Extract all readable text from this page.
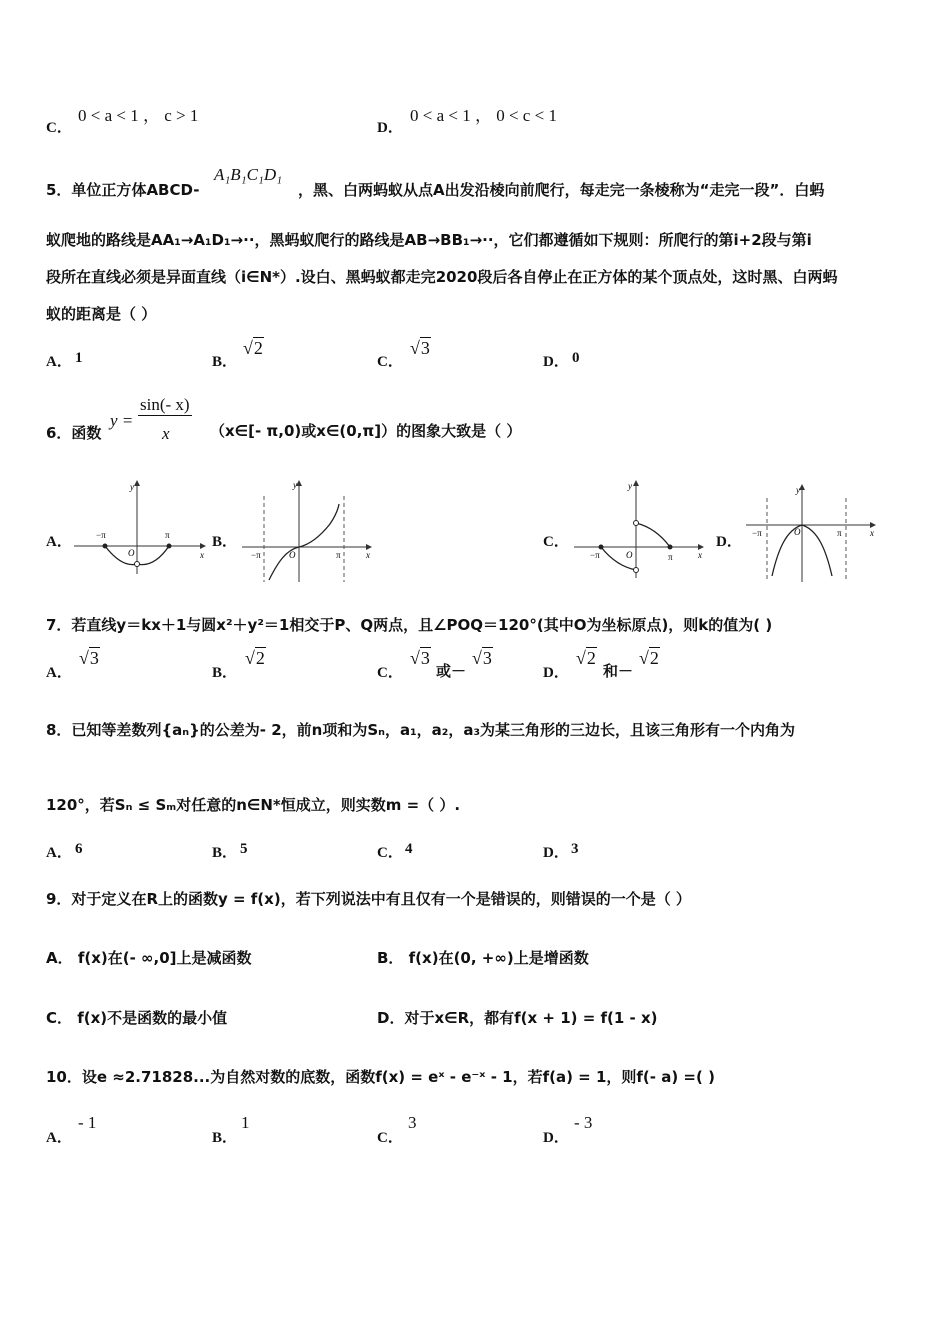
C．
0 < a < 1 ， c > 1
D．
0 < a < 1 ， 0 < c < 1
5．单位正方体ABCD-
A₁B₁C₁D₁
，黑、白两蚂蚁从点A出发沿棱向前爬行，每走完一条棱称为“走完一段”．白蚂
蚁爬地的路线是AA₁→A₁D₁→··，黑蚂蚁爬行的路线是AB→BB₁→··，它们都遵循如下规则：所爬行的第i+2段与第i
段所在直线必须是异面直线（i∈N*）.设白、黑蚂蚁都走完2020段后各自停止在正方体的某个顶点处，这时黑、白两蚂
蚁的距离是（ ）
A． 1	B．
√2
C．
√3
D． 0
6．函数
y =
sin(- x)
x	（x∈[- π,0)或x∈(0,π]）的图象大致是（ ）
A．	B．	C．	D．
y
x
O
−π	π
y
x
O
−π	π
y
x
O
−π	π
y
x
O
−π	π
7．若直线y＝kx＋1与圆x²＋y²＝1相交于P、Q两点，且∠POQ＝120°(其中O为坐标原点)，则k的值为( )
A．
√3
B．
√2
C．
√3
或－
√3
D．
√2
和－
√2
8．已知等差数列{aₙ}的公差为- 2，前n项和为Sₙ，a₁，a₂，a₃为某三角形的三边长，且该三角形有一个内角为
120°，若Sₙ ≤ Sₘ对任意的n∈N*恒成立，则实数m =（ ）.
A． 6	B． 5	C． 4	D． 3
9．对于定义在R上的函数y = f(x)，若下列说法中有且仅有一个是错误的，则错误的一个是（ ）
A． f(x)在(- ∞,0]上是减函数	B． f(x)在(0, +∞)上是增函数
C． f(x)不是函数的最小值	D．对于x∈R，都有f(x + 1) = f(1 - x)
10．设e ≈2.71828...为自然对数的底数，函数f(x) = eˣ - e⁻ˣ - 1，若f(a) = 1，则f(- a) =( )
A．
- 1
B．
1
C．
3
D．
- 3
